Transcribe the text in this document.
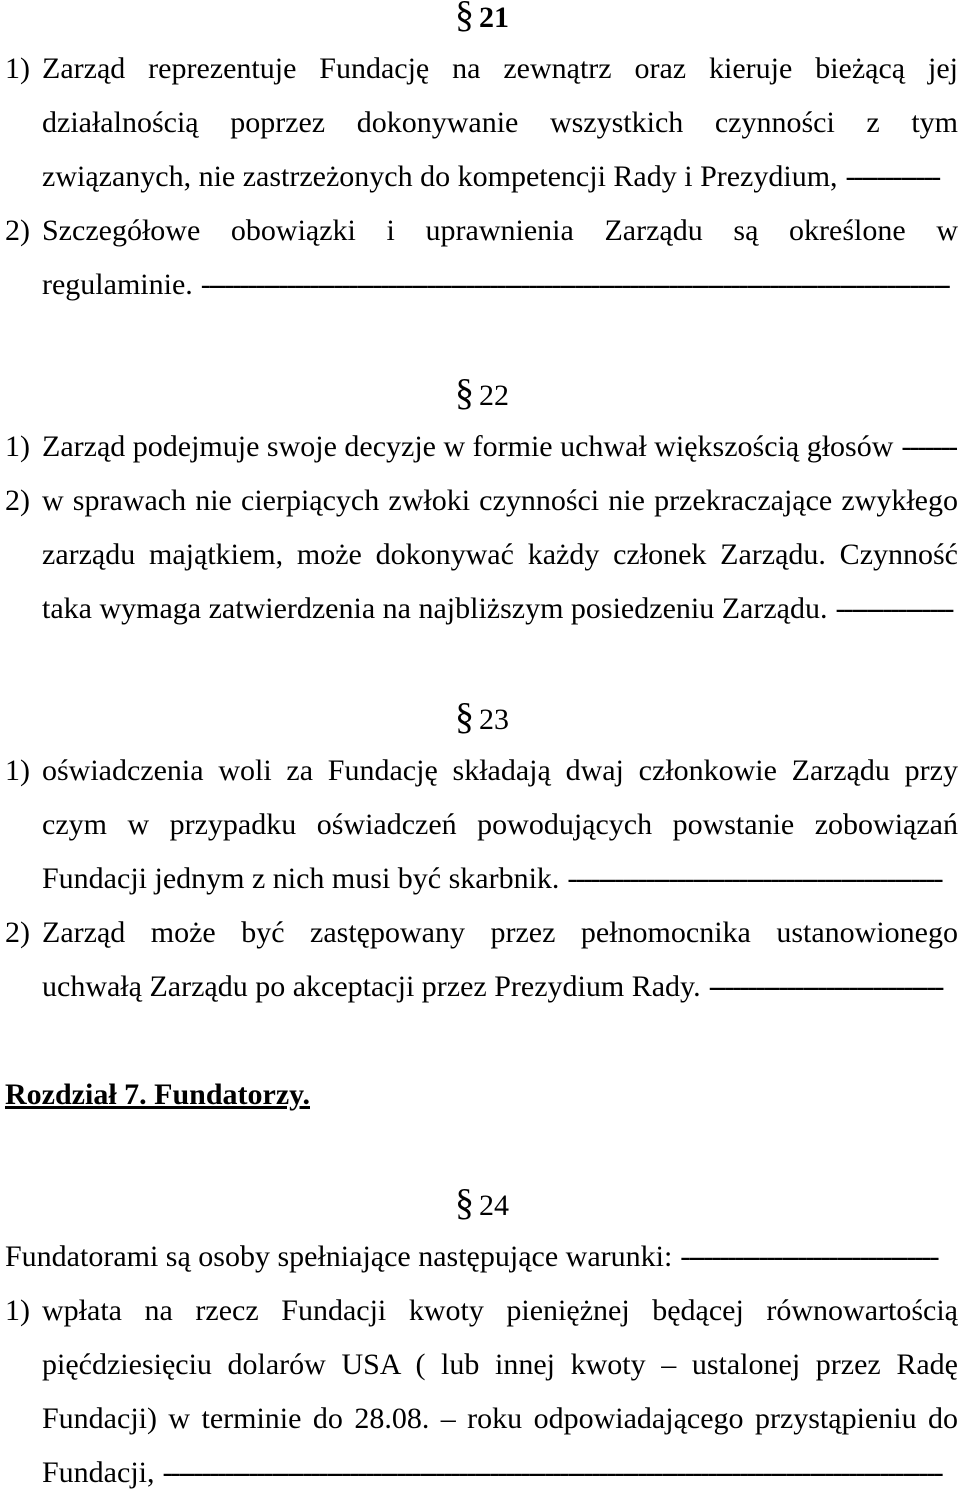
§ 21
1) Zarząd reprezentuje Fundację na zewnątrz oraz kieruje bieżącą jej
działalnością poprzez dokonywanie wszystkich czynności z tym
związanych, nie zastrzeżonych do kompetencji Rady i Prezydium, ------------
2) Szczegółowe obowiązki i uprawnienia Zarządu są określone w
regulaminie. ------------------------------------------------------------------------------------------------
§ 22
1) Zarząd podejmuje swoje decyzje w formie uchwał większością głosów -------
2) w sprawach nie cierpiących zwłoki czynności nie przekraczające zwykłego
zarządu majątkiem, może dokonywać każdy członek Zarządu. Czynność
taka wymaga zatwierdzenia na najbliższym posiedzeniu Zarządu. ---------------
§ 23
1) oświadczenia woli za Fundację składają dwaj członkowie Zarządu przy
czym w przypadku oświadczeń powodujących powstanie zobowiązań
Fundacji jednym z nich musi być skarbnik. ------------------------------------------------
2) Zarząd może być zastępowany przez pełnomocnika ustanowionego
uchwałą Zarządu po akceptacji przez Prezydium Rady. ------------------------------
Rozdział 7. Fundatorzy.
§ 24
Fundatorami są osoby spełniające następujące warunki: ---------------------------------
1) wpłata na rzecz Fundacji kwoty pieniężnej będącej równowartością
pięćdziesięciu dolarów USA ( lub innej kwoty – ustalonej przez Radę
Fundacji) w terminie do 28.08. – roku odpowiadającego przystąpieniu do
Fundacji, ----------------------------------------------------------------------------------------------------
